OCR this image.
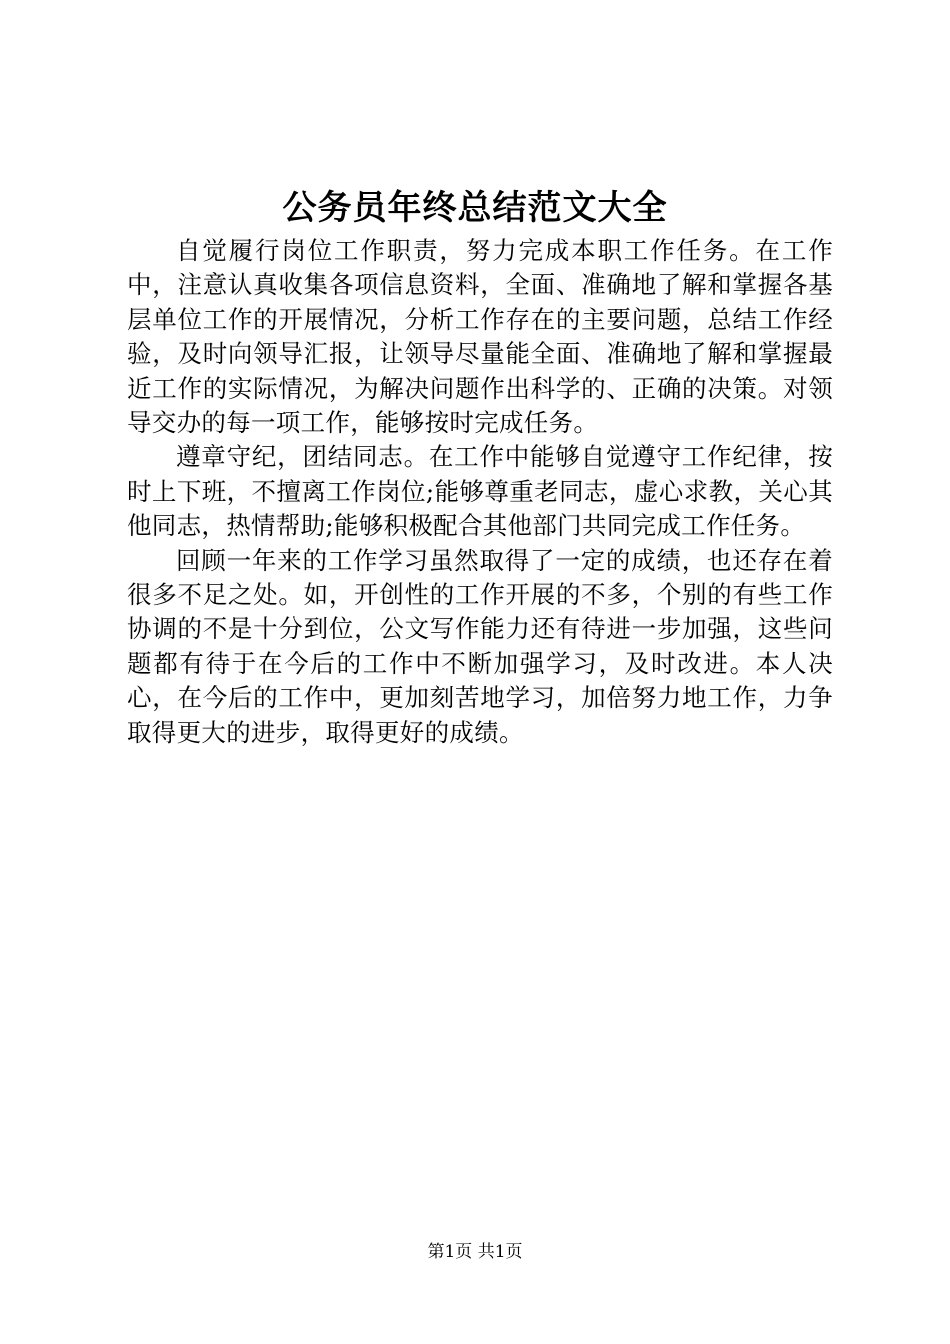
公务员年终总结范文大全

自觉履行岗位工作职责，努力完成本职工作任务。在工作中，注意认真收集各项信息资料，全面、准确地了解和掌握各基层单位工作的开展情况，分析工作存在的主要问题，总结工作经验，及时向领导汇报，让领导尽量能全面、准确地了解和掌握最近工作的实际情况，为解决问题作出科学的、正确的决策。对领导交办的每一项工作，能够按时完成任务。

遵章守纪，团结同志。在工作中能够自觉遵守工作纪律，按时上下班，不擅离工作岗位;能够尊重老同志，虚心求教，关心其他同志，热情帮助;能够积极配合其他部门共同完成工作任务。

回顾一年来的工作学习虽然取得了一定的成绩，也还存在着很多不足之处。如，开创性的工作开展的不多，个别的有些工作协调的不是十分到位，公文写作能力还有待进一步加强，这些问题都有待于在今后的工作中不断加强学习，及时改进。本人决心，在今后的工作中，更加刻苦地学习，加倍努力地工作，力争取得更大的进步，取得更好的成绩。

第1页 共1页
